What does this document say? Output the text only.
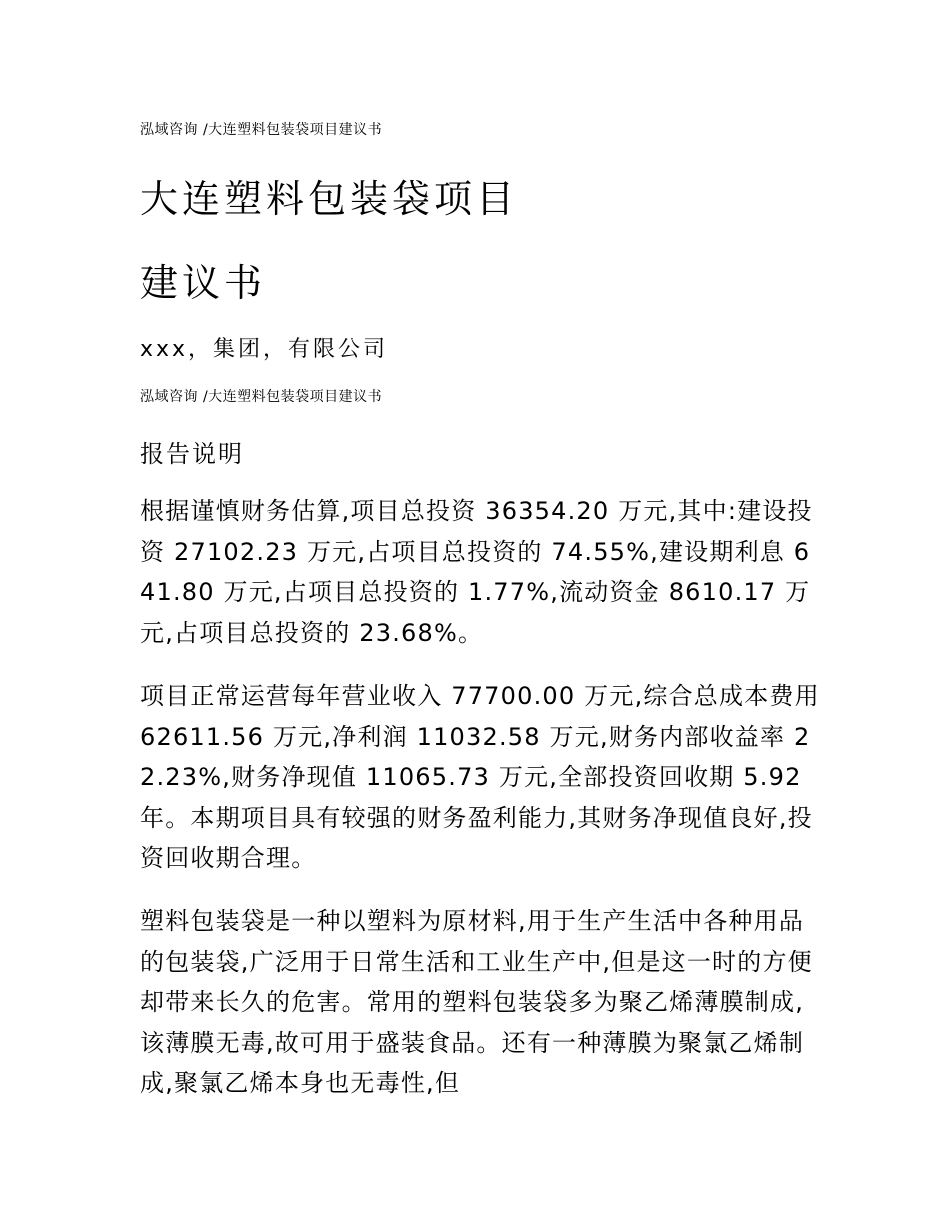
泓域咨询 /大连塑料包装袋项目建议书
大连塑料包装袋项目
建议书
xxx，集团，有限公司
泓域咨询 /大连塑料包装袋项目建议书
报告说明

根据谨慎财务估算,项目总投资 36354.20 万元,其中:建设投资 27102.23 万元,占项目总投资的 74.55%,建设期利息 641.80 万元,占项目总投资的 1.77%,流动资金 8610.17 万元,占项目总投资的 23.68%。

项目正常运营每年营业收入 77700.00 万元,综合总成本费用 62611.56 万元,净利润 11032.58 万元,财务内部收益率 22.23%,财务净现值 11065.73 万元,全部投资回收期 5.92 年。本期项目具有较强的财务盈利能力,其财务净现值良好,投资回收期合理。

塑料包装袋是一种以塑料为原材料,用于生产生活中各种用品的包装袋,广泛用于日常生活和工业生产中,但是这一时的方便却带来长久的危害。常用的塑料包装袋多为聚乙烯薄膜制成,该薄膜无毒,故可用于盛装食品。还有一种薄膜为聚氯乙烯制成,聚氯乙烯本身也无毒性,但
